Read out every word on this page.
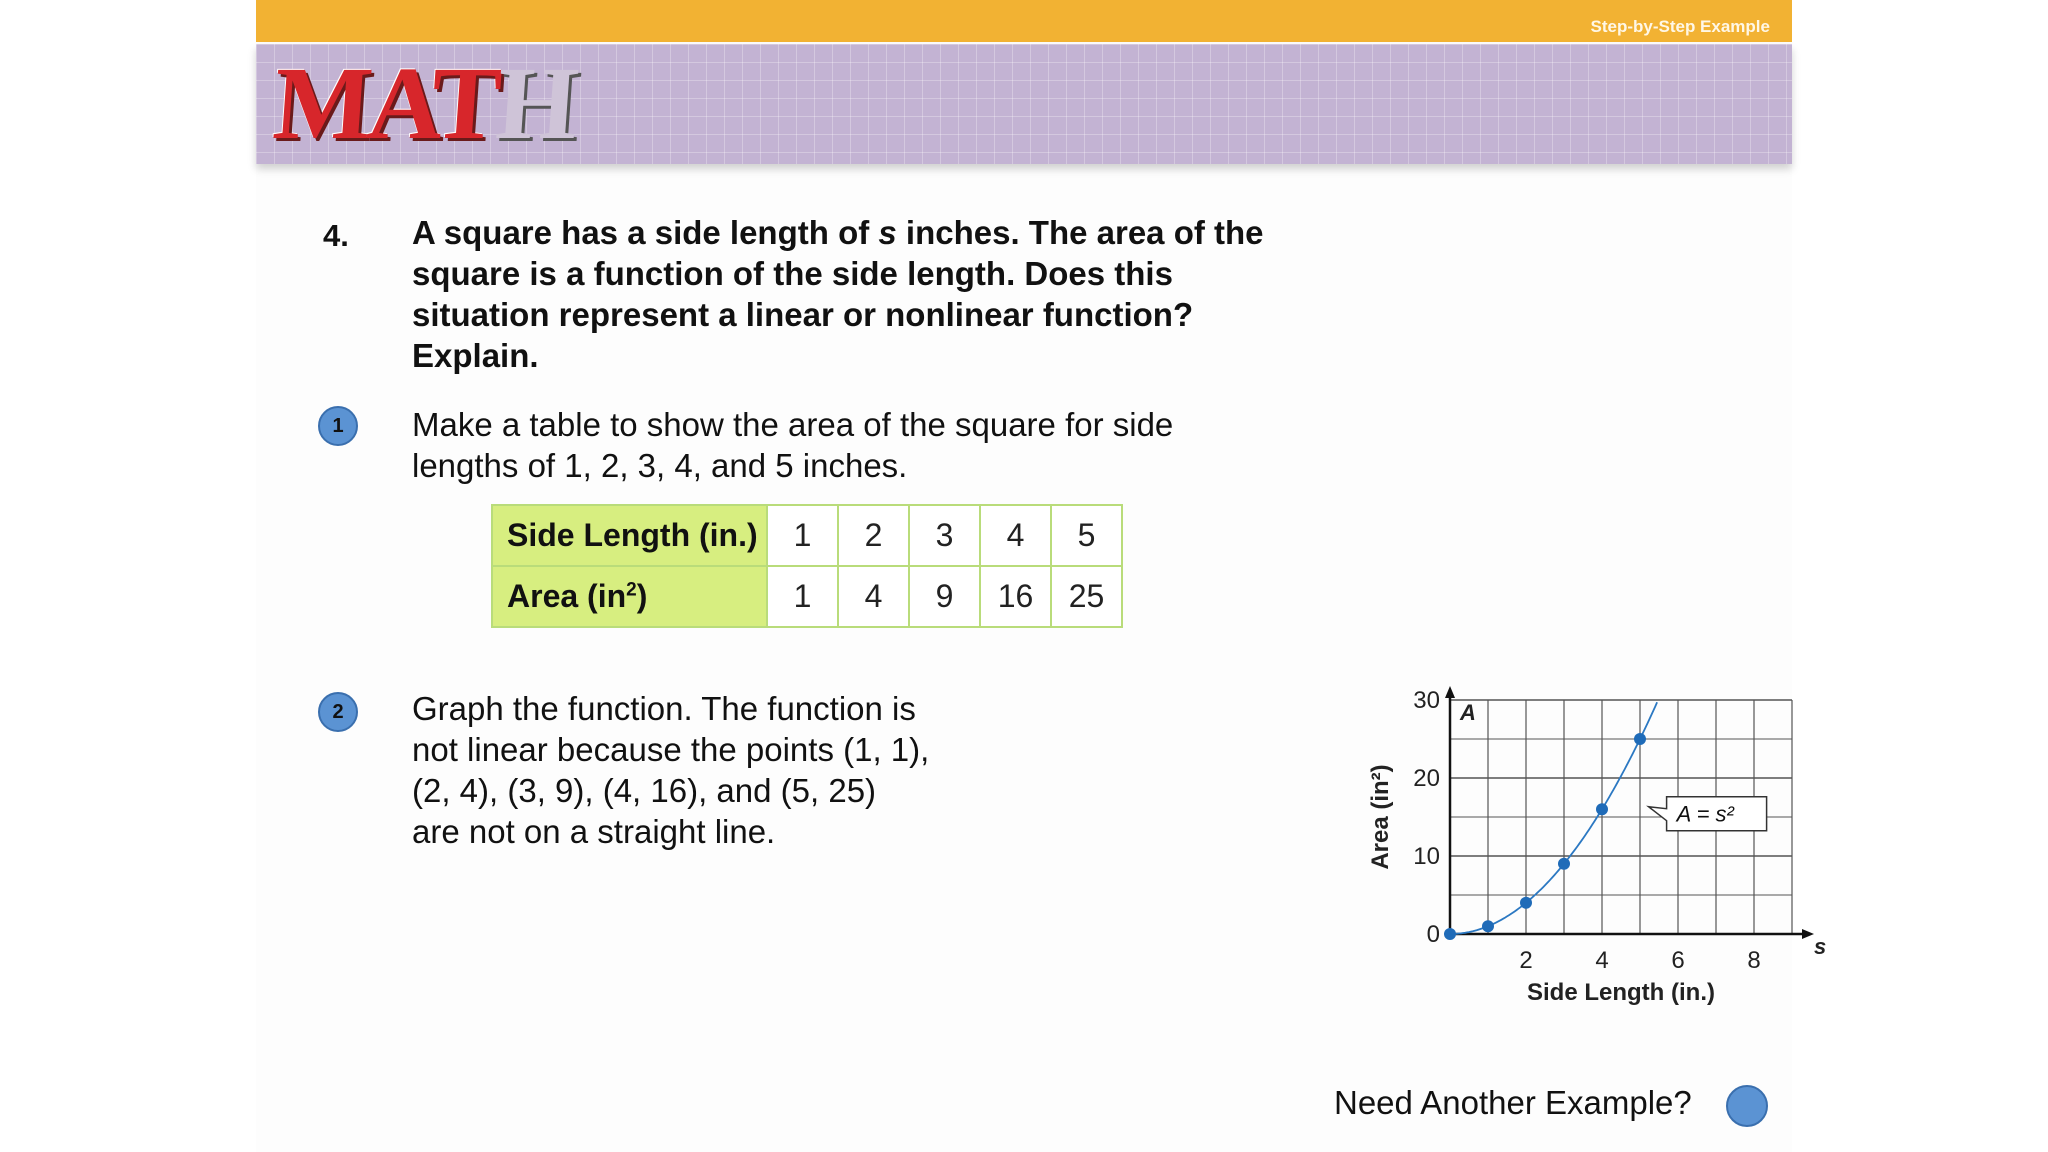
Step-by-Step Example
MATH
4. A square has a side length of s inches. The area of the square is a function of the side length. Does this situation represent a linear or nonlinear function? Explain.
1	Make a table to show the area of the square for side lengths of 1, 2, 3, 4, and 5 inches.
Side Length (in.)	1	2	3	4	5
Area $(in^2)$	1	4	9	16	25
2	Graph the function. The function is not linear because the points (1, 1), (2, 4), (3, 9), (4, 16), and (5, 25) are not on a straight line.
2	4	6	8
0
10
20
30
s
A
Side Length (in.)
Area (in²)	A = s²
Need Another Example?
